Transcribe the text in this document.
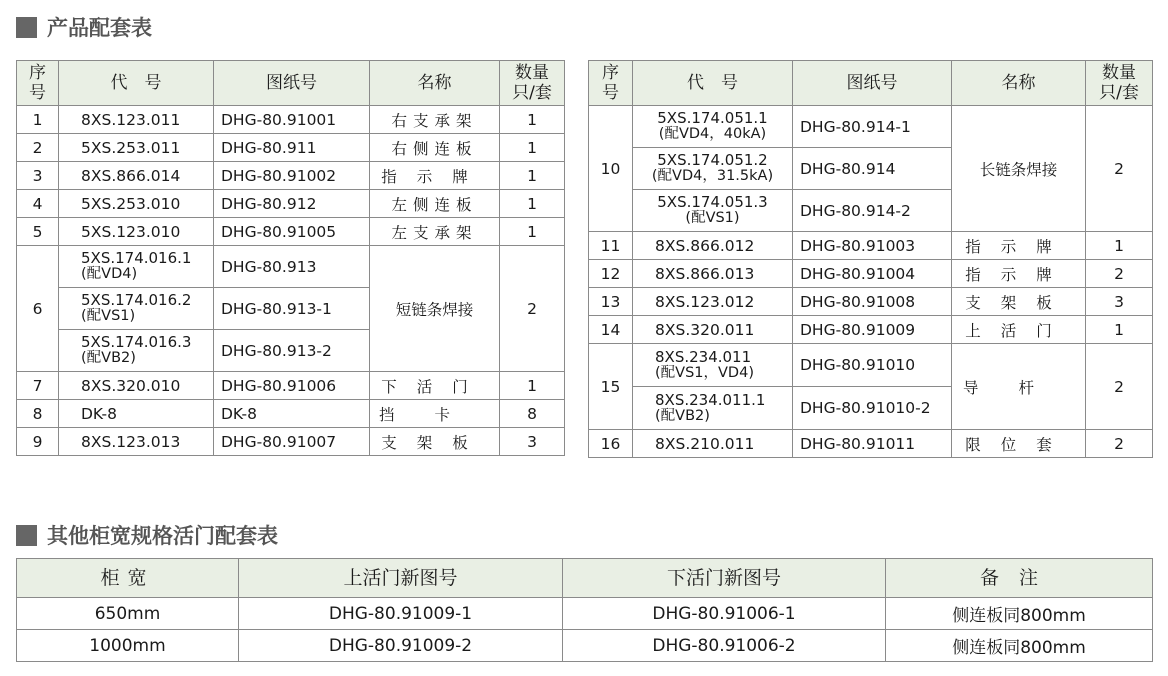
产品配套表
序
号	代　号	图纸号	名称	数量
只/套
1	8XS.123.011	DHG-80.91001	右支承架	1
2	5XS.253.011	DHG-80.911	右侧连板	1
3	8XS.866.014	DHG-80.91002	指示牌	1
4	5XS.253.010	DHG-80.912	左侧连板	1
5	5XS.123.010	DHG-80.91005	左支承架	1
6	5XS.174.016.1
(配VD4)	DHG-80.913	短链条焊接	2
	5XS.174.016.2
(配VS1)	DHG-80.913-1		
	5XS.174.016.3
(配VB2)	DHG-80.913-2		
7	8XS.320.010	DHG-80.91006	下活门	1
8	DK-8	DK-8	挡卡	8
9	8XS.123.013	DHG-80.91007	支架板	3
序
号	代　号	图纸号	名称	数量
只/套
10	5XS.174.051.1
(配VD4，40kA)	DHG-80.914-1	长链条焊接	2
	5XS.174.051.2
(配VD4，31.5kA)	DHG-80.914		
	5XS.174.051.3
(配VS1)	DHG-80.914-2		
11	8XS.866.012	DHG-80.91003	指示牌	1
12	8XS.866.013	DHG-80.91004	指示牌	2
13	8XS.123.012	DHG-80.91008	支架板	3
14	8XS.320.011	DHG-80.91009	上活门	1
15	8XS.234.011
(配VS1，VD4)	DHG-80.91010	导杆	2
	8XS.234.011.1
(配VB2)	DHG-80.91010-2		
16	8XS.210.011	DHG-80.91011	限位套	2
其他柜宽规格活门配套表
柜宽	上活门新图号	下活门新图号	备注
650mm	DHG-80.91009-1	DHG-80.91006-1	侧连板同800mm
1000mm	DHG-80.91009-2	DHG-80.91006-2	侧连板同800mm
